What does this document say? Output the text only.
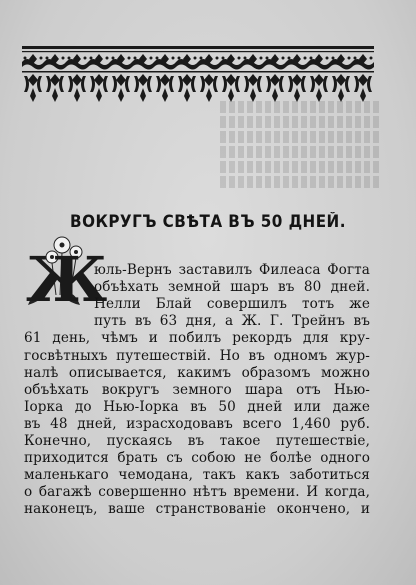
ВОКРУГЪ СВѢТА ВЪ 50 ДНЕЙ.
Ж
юль-Вернъ заставилъ Филеаса Фогта
объѣхать земной шаръ въ 80 дней.
Нелли Блай совершилъ тотъ же
путь въ 63 дня, а Ж. Г. Трейнъ въ
61 день, чѣмъ и побилъ рекордъ для кру-
госвѣтныхъ путешествій. Но въ одномъ жур-
налѣ описывается, какимъ образомъ можно
объѣхать вокругъ земного шара отъ Нью-
Іорка до Нью-Іорка въ 50 дней или даже
въ 48 дней, израсходовавъ всего 1,460 руб.
Конечно, пускаясь въ такое путешествіе,
приходится брать съ собою не болѣе одного
маленькаго чемодана, такъ какъ заботиться
о багажѣ совершенно нѣтъ времени. И когда,
наконецъ, ваше странствованіе окончено, и
